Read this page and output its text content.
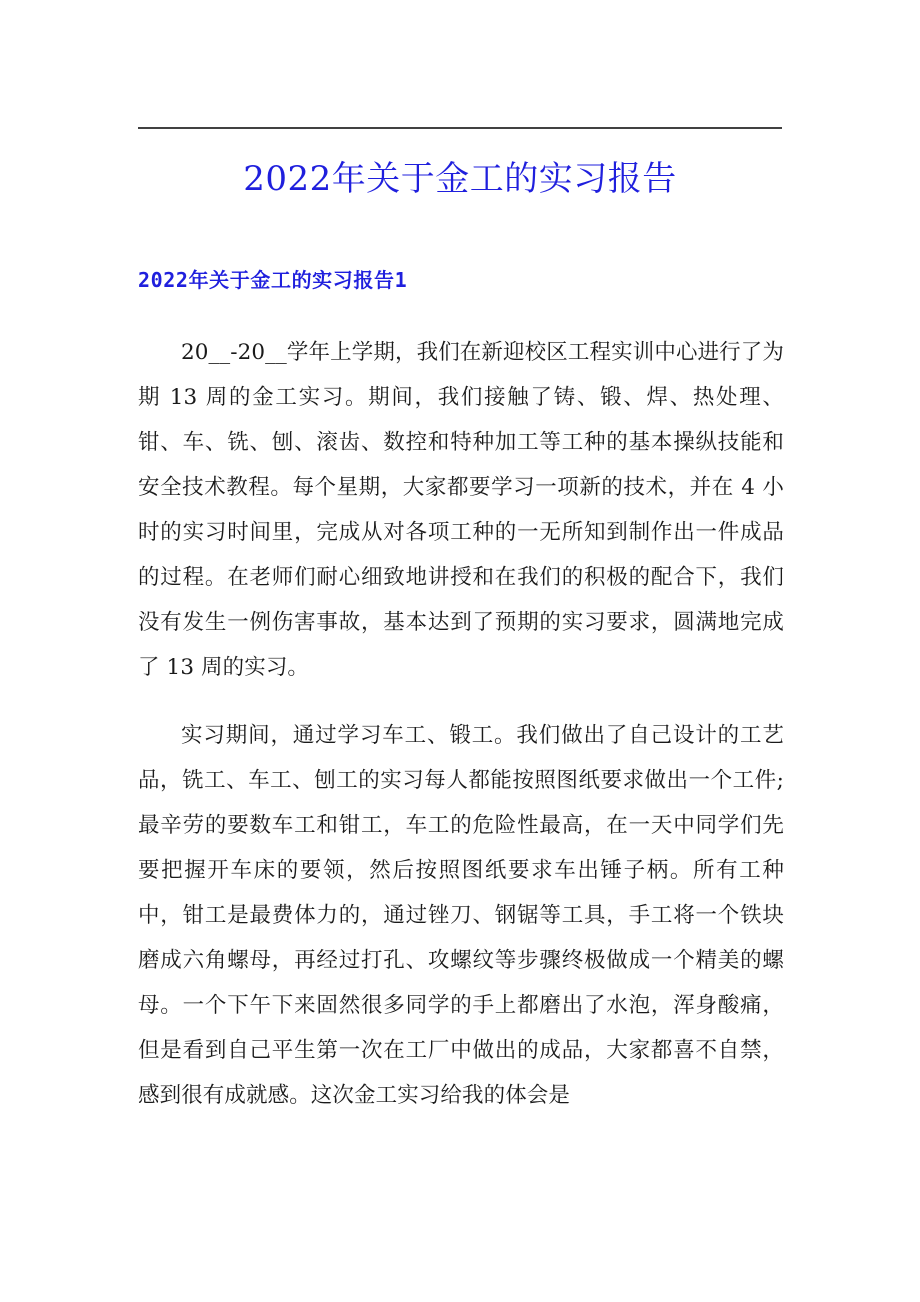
2022年关于金工的实习报告
2022年关于金工的实习报告1

20__-20__学年上学期，我们在新迎校区工程实训中心进行了为期 13 周的金工实习。期间，我们接触了铸、锻、焊、热处理、钳、车、铣、刨、滚齿、数控和特种加工等工种的基本操纵技能和安全技术教程。每个星期，大家都要学习一项新的技术，并在 4 小时的实习时间里，完成从对各项工种的一无所知到制作出一件成品的过程。在老师们耐心细致地讲授和在我们的积极的配合下，我们没有发生一例伤害事故，基本达到了预期的实习要求，圆满地完成了 13 周的实习。

实习期间，通过学习车工、锻工。我们做出了自己设计的工艺品，铣工、车工、刨工的实习每人都能按照图纸要求做出一个工件;最辛劳的要数车工和钳工，车工的危险性最高，在一天中同学们先要把握开车床的要领，然后按照图纸要求车出锤子柄。所有工种中，钳工是最费体力的，通过锉刀、钢锯等工具，手工将一个铁块磨成六角螺母，再经过打孔、攻螺纹等步骤终极做成一个精美的螺母。一个下午下来固然很多同学的手上都磨出了水泡，浑身酸痛，但是看到自己平生第一次在工厂中做出的成品，大家都喜不自禁，感到很有成就感。这次金工实习给我的体会是
